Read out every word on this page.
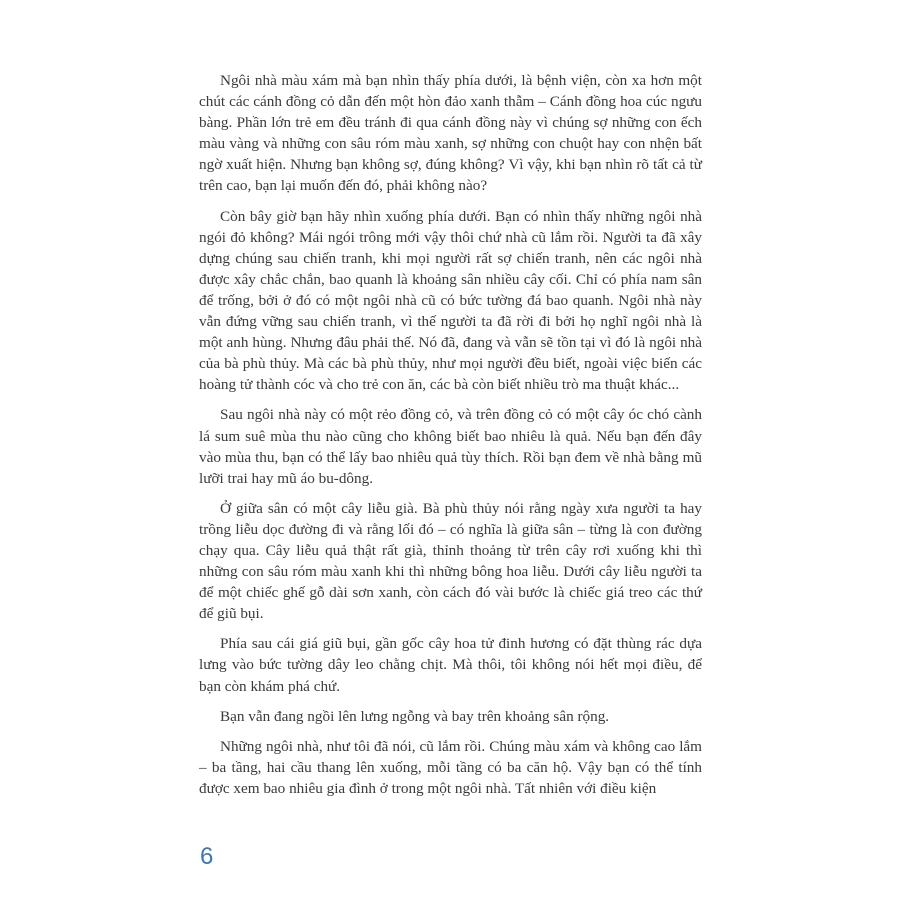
Ngôi nhà màu xám mà bạn nhìn thấy phía dưới, là bệnh viện, còn xa hơn một chút các cánh đồng cỏ dẫn đến một hòn đảo xanh thẫm – Cánh đồng hoa cúc ngưu bàng. Phần lớn trẻ em đều tránh đi qua cánh đồng này vì chúng sợ những con ếch màu vàng và những con sâu róm màu xanh, sợ những con chuột hay con nhện bất ngờ xuất hiện. Nhưng bạn không sợ, đúng không? Vì vậy, khi bạn nhìn rõ tất cả từ trên cao, bạn lại muốn đến đó, phải không nào?

Còn bây giờ bạn hãy nhìn xuống phía dưới. Bạn có nhìn thấy những ngôi nhà ngói đỏ không? Mái ngói trông mới vậy thôi chứ nhà cũ lắm rồi. Người ta đã xây dựng chúng sau chiến tranh, khi mọi người rất sợ chiến tranh, nên các ngôi nhà được xây chắc chắn, bao quanh là khoảng sân nhiều cây cối. Chỉ có phía nam sân để trống, bởi ở đó có một ngôi nhà cũ có bức tường đá bao quanh. Ngôi nhà này vẫn đứng vững sau chiến tranh, vì thế người ta đã rời đi bởi họ nghĩ ngôi nhà là một anh hùng. Nhưng đâu phải thế. Nó đã, đang và vẫn sẽ tồn tại vì đó là ngôi nhà của bà phù thủy. Mà các bà phù thủy, như mọi người đều biết, ngoài việc biến các hoàng tử thành cóc và cho trẻ con ăn, các bà còn biết nhiều trò ma thuật khác...

Sau ngôi nhà này có một rẻo đồng cỏ, và trên đồng cỏ có một cây óc chó cành lá sum suê mùa thu nào cũng cho không biết bao nhiêu là quả. Nếu bạn đến đây vào mùa thu, bạn có thể lấy bao nhiêu quả tùy thích. Rồi bạn đem về nhà bằng mũ lưỡi trai hay mũ áo bu-dông.

Ở giữa sân có một cây liễu già. Bà phù thủy nói rằng ngày xưa người ta hay trồng liễu dọc đường đi và rằng lối đó – có nghĩa là giữa sân – từng là con đường chạy qua. Cây liễu quả thật rất già, thỉnh thoảng từ trên cây rơi xuống khi thì những con sâu róm màu xanh khi thì những bông hoa liễu. Dưới cây liễu người ta để một chiếc ghế gỗ dài sơn xanh, còn cách đó vài bước là chiếc giá treo các thứ để giũ bụi.

Phía sau cái giá giũ bụi, gần gốc cây hoa tử đinh hương có đặt thùng rác dựa lưng vào bức tường dây leo chằng chịt. Mà thôi, tôi không nói hết mọi điều, để bạn còn khám phá chứ.

Bạn vẫn đang ngồi lên lưng ngỗng và bay trên khoảng sân rộng.

Những ngôi nhà, như tôi đã nói, cũ lắm rồi. Chúng màu xám và không cao lắm – ba tầng, hai cầu thang lên xuống, mỗi tầng có ba căn hộ. Vậy bạn có thể tính được xem bao nhiêu gia đình ở trong một ngôi nhà. Tất nhiên với điều kiện

6
